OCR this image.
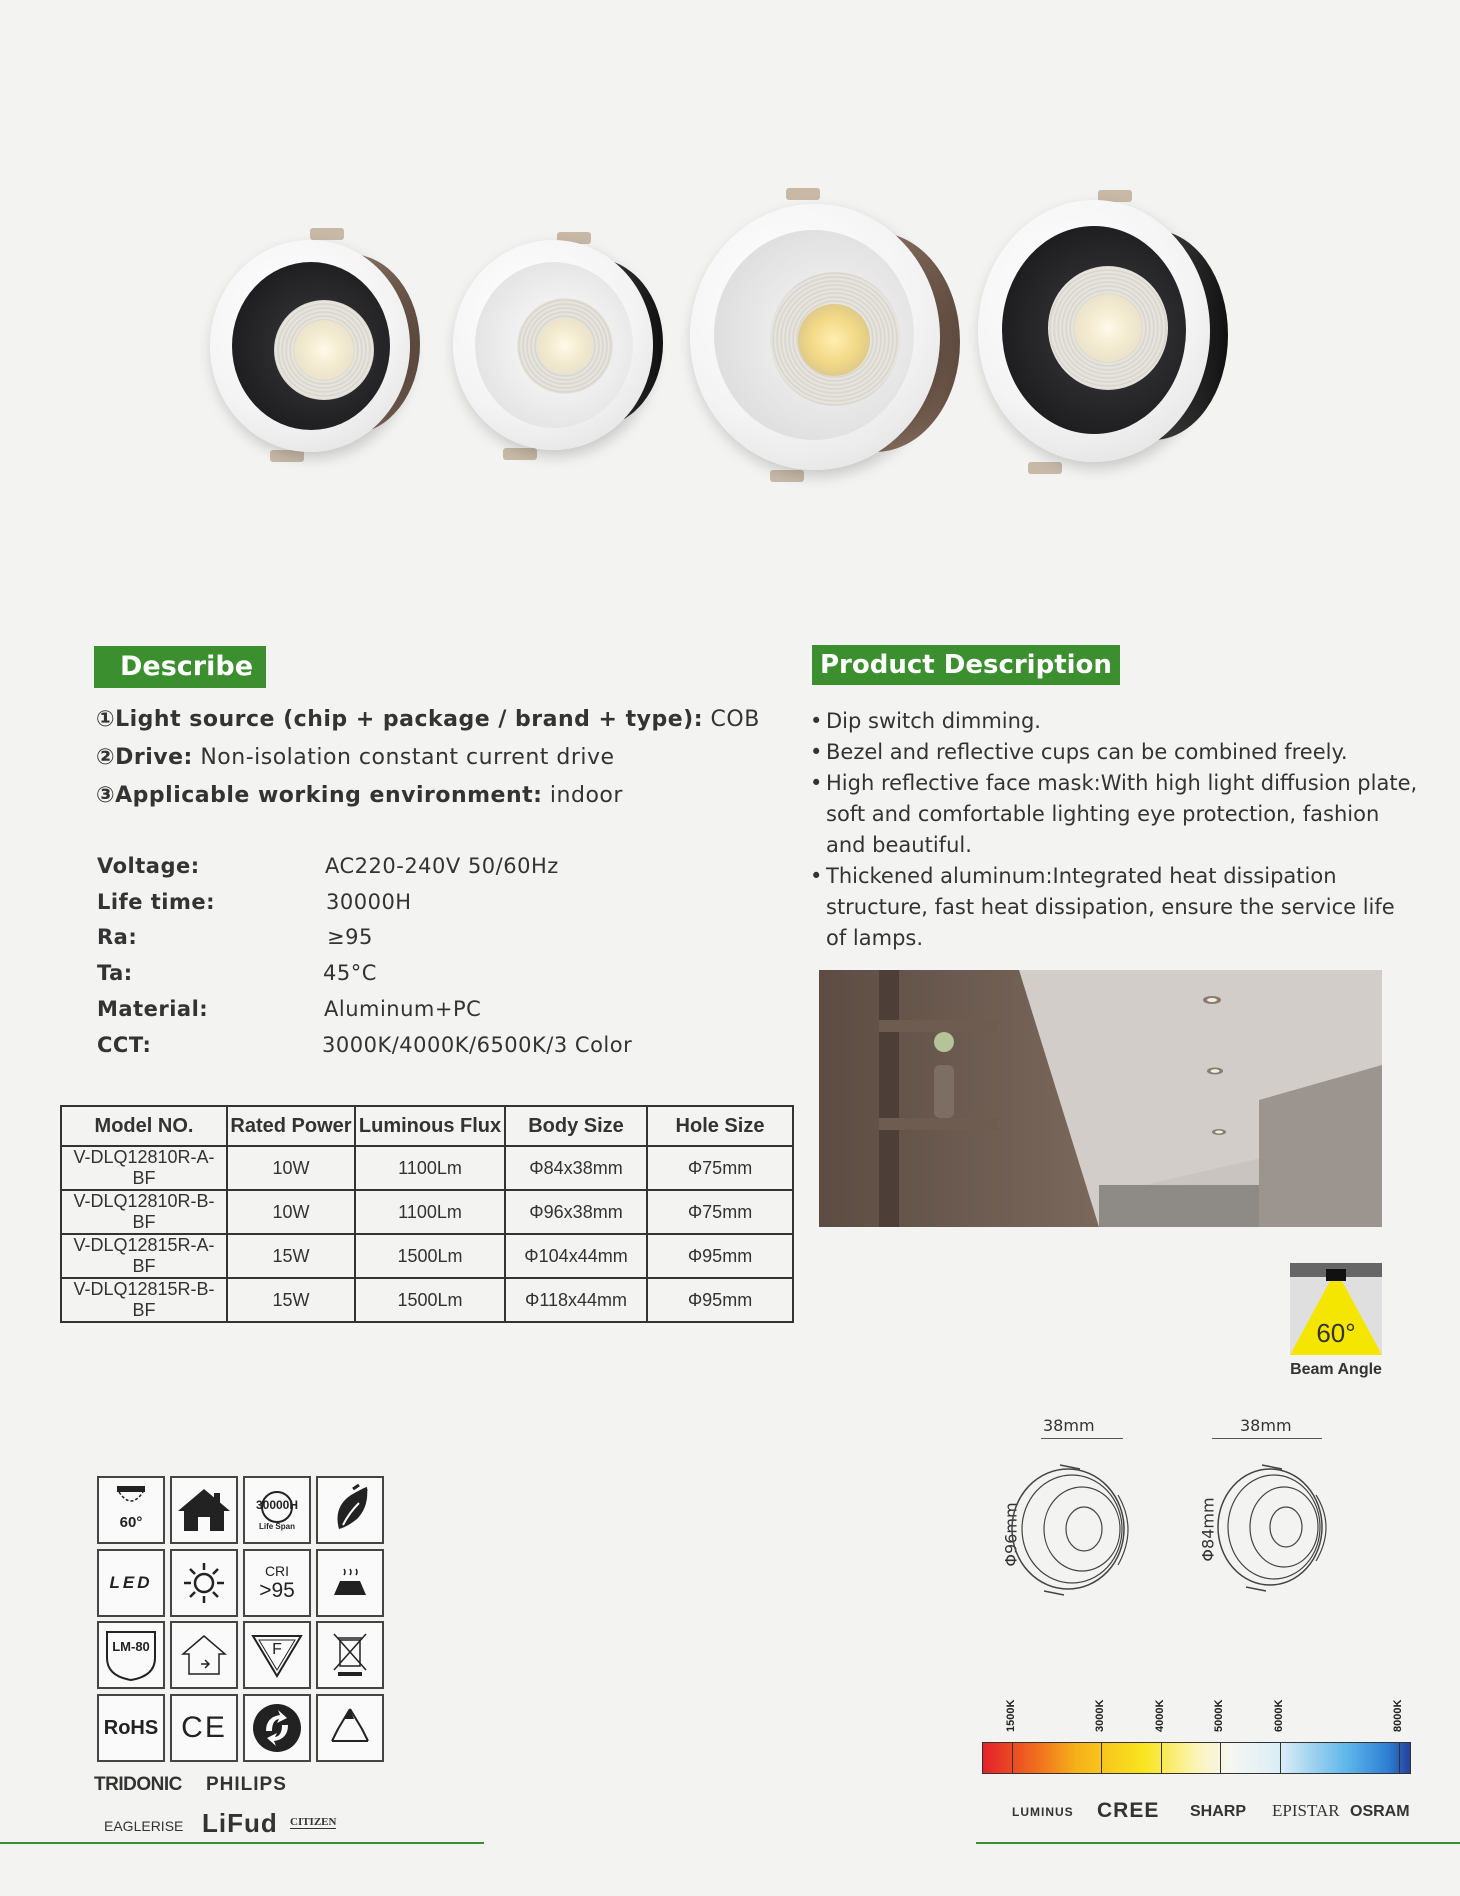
Describe
①Light source (chip + package / brand + type): COB
②Drive: Non-isolation constant current drive
③Applicable working environment: indoor
Voltage:	AC220-240V 50/60Hz
Life time:	30000H
Ra:	≥95
Ta:	45°C
Material:	Aluminum+PC
CCT:	3000K/4000K/6500K/3 Color
Model NO.	Rated Power	Luminous Flux	Body Size	Hole Size
V-DLQ12810R-A-BF	10W	1100Lm	Φ84x38mm	Φ75mm
V-DLQ12810R-B-BF	10W	1100Lm	Φ96x38mm	Φ75mm
V-DLQ12815R-A-BF	15W	1500Lm	Φ104x44mm	Φ95mm
V-DLQ12815R-B-BF	15W	1500Lm	Φ118x44mm	Φ95mm
Product Description
• Dip switch dimming.
• Bezel and reflective cups can be combined freely.
• High reflective face mask:With high light diffusion plate, soft and comfortable lighting eye protection, fashion and beautiful.
• Thickened aluminum:Integrated heat dissipation structure, fast heat dissipation, ensure the service life of lamps.
60°
Beam Angle
38mm
Φ96mm
38mm
Φ84mm
1500K	3000K	4000K	5000K	6000K	8000K
60°
30000H
Life Span
LED
CRI
>95
LM-80	F
RoHS CE
TRIDONIC PHILIPS
EAGLERISE LiFud CITIZEN
LUMINUS CREE SHARP EPISTAR OSRAM
